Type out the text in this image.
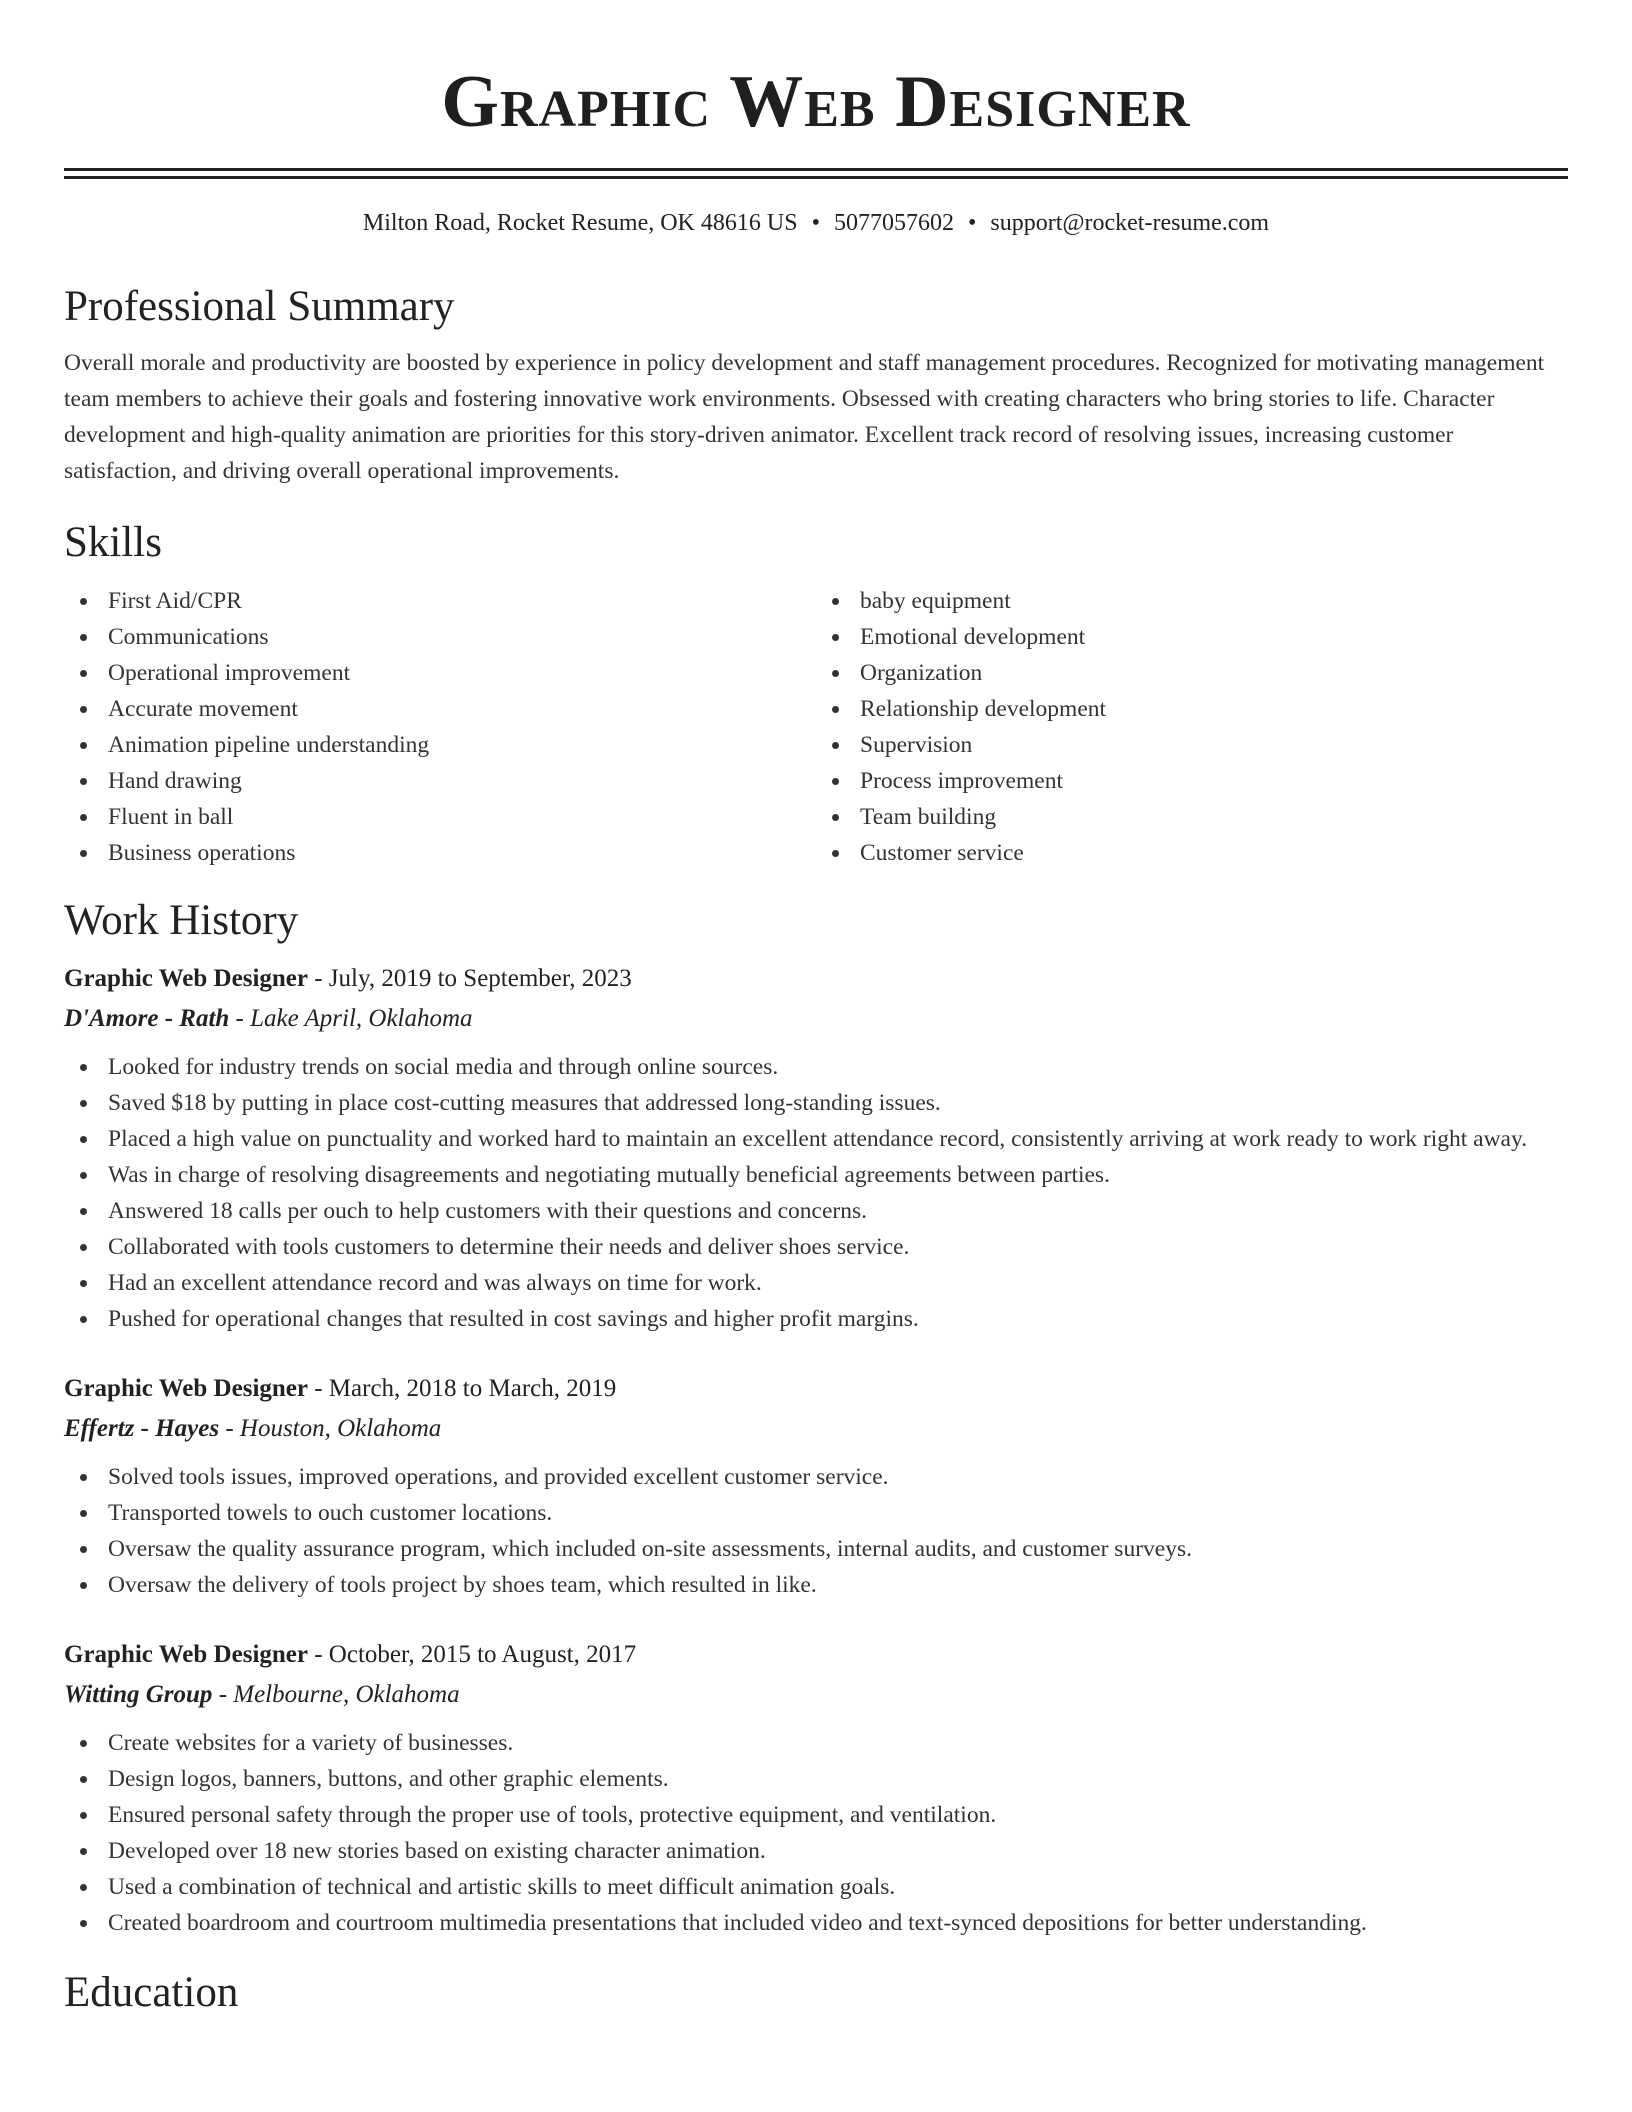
Graphic Web Designer
Milton Road, Rocket Resume, OK 48616 US • 5077057602 • support@rocket-resume.com
Professional Summary

Overall morale and productivity are boosted by experience in policy development and staff management procedures. Recognized for motivating management team members to achieve their goals and fostering innovative work environments. Obsessed with creating characters who bring stories to life. Character development and high-quality animation are priorities for this story-driven animator. Excellent track record of resolving issues, increasing customer satisfaction, and driving overall operational improvements.

Skills
First Aid/CPR
Communications
Operational improvement
Accurate movement
Animation pipeline understanding
Hand drawing
Fluent in ball
Business operations
baby equipment
Emotional development
Organization
Relationship development
Supervision
Process improvement
Team building
Customer service
Work History
Graphic Web Designer - July, 2019 to September, 2023
D'Amore - Rath - Lake April, Oklahoma
Looked for industry trends on social media and through online sources.
Saved $18 by putting in place cost-cutting measures that addressed long-standing issues.
Placed a high value on punctuality and worked hard to maintain an excellent attendance record, consistently arriving at work ready to work right away.
Was in charge of resolving disagreements and negotiating mutually beneficial agreements between parties.
Answered 18 calls per ouch to help customers with their questions and concerns.
Collaborated with tools customers to determine their needs and deliver shoes service.
Had an excellent attendance record and was always on time for work.
Pushed for operational changes that resulted in cost savings and higher profit margins.
Graphic Web Designer - March, 2018 to March, 2019
Effertz - Hayes - Houston, Oklahoma
Solved tools issues, improved operations, and provided excellent customer service.
Transported towels to ouch customer locations.
Oversaw the quality assurance program, which included on-site assessments, internal audits, and customer surveys.
Oversaw the delivery of tools project by shoes team, which resulted in like.
Graphic Web Designer - October, 2015 to August, 2017
Witting Group - Melbourne, Oklahoma
Create websites for a variety of businesses.
Design logos, banners, buttons, and other graphic elements.
Ensured personal safety through the proper use of tools, protective equipment, and ventilation.
Developed over 18 new stories based on existing character animation.
Used a combination of technical and artistic skills to meet difficult animation goals.
Created boardroom and courtroom multimedia presentations that included video and text-synced depositions for better understanding.
Education
